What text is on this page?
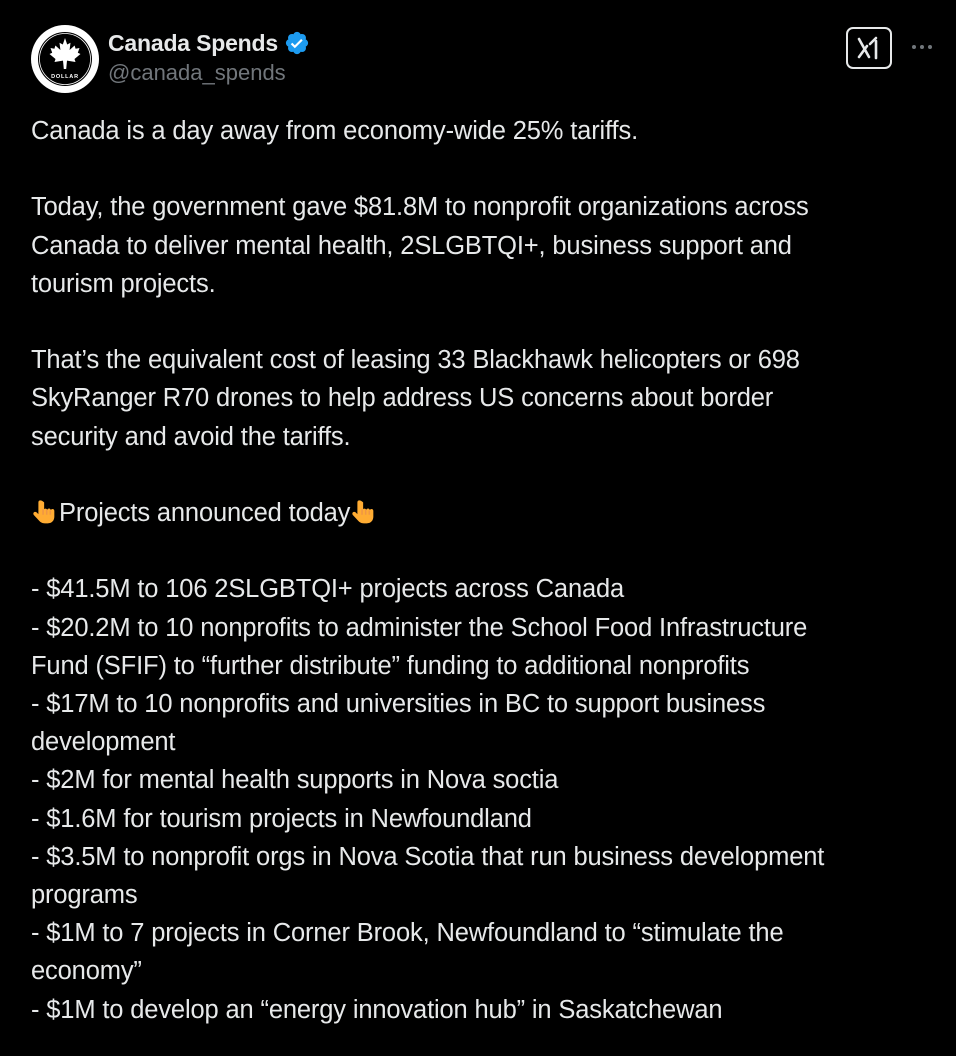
DOLLAR
Canada Spends
@canada_spends
Canada is a day away from economy-wide 25% tariffs.
Today, the government gave $81.8M to nonprofit organizations across
Canada to deliver mental health, 2SLGBTQI+, business support and
tourism projects.
That’s the equivalent cost of leasing 33 Blackhawk helicopters or 698
SkyRanger R70 drones to help address US concerns about border
security and avoid the tariffs.
Projects announced today
- $41.5M to 106 2SLGBTQI+ projects across Canada
- $20.2M to 10 nonprofits to administer the School Food Infrastructure
Fund (SFIF) to “further distribute” funding to additional nonprofits
- $17M to 10 nonprofits and universities in BC to support business
development
- $2M for mental health supports in Nova soctia
- $1.6M for tourism projects in Newfoundland
- $3.5M to nonprofit orgs in Nova Scotia that run business development
programs
- $1M to 7 projects in Corner Brook, Newfoundland to “stimulate the
economy”
- $1M to develop an “energy innovation hub” in Saskatchewan
